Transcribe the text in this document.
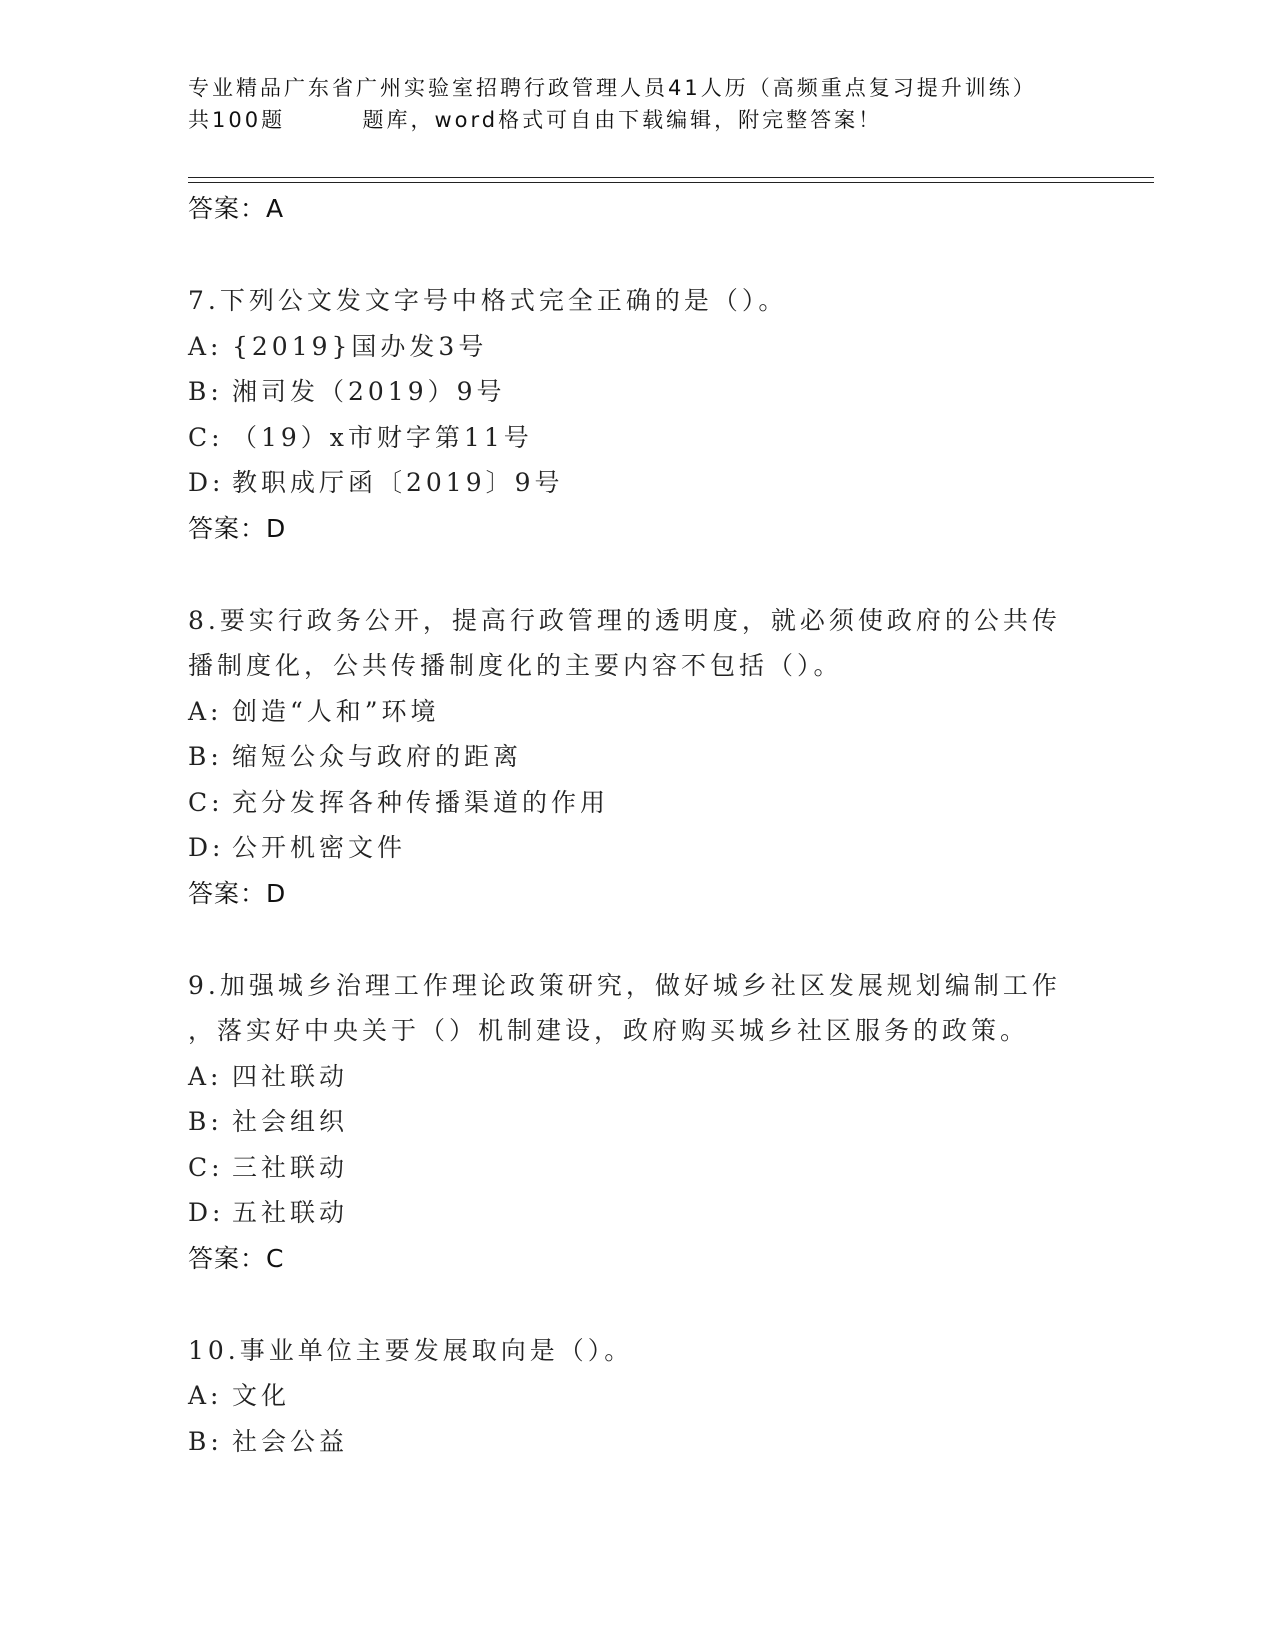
专业精品广东省广州实验室招聘行政管理人员41人历（高频重点复习提升训练）
共100题        题库，word格式可自由下载编辑，附完整答案！
答案：A
7.下列公文发文字号中格式完全正确的是（）。
A: {2019}国办发3号
B: 湘司发（2019）9号
C: （19）x市财字第11号
D: 教职成厅函〔2019〕9号
答案：D
8.要实行政务公开，提高行政管理的透明度，就必须使政府的公共传
播制度化，公共传播制度化的主要内容不包括（）。
A: 创造“人和”环境
B: 缩短公众与政府的距离
C: 充分发挥各种传播渠道的作用
D: 公开机密文件
答案：D
9.加强城乡治理工作理论政策研究，做好城乡社区发展规划编制工作
，落实好中央关于（）机制建设，政府购买城乡社区服务的政策。
A: 四社联动
B: 社会组织
C: 三社联动
D: 五社联动
答案：C
10.事业单位主要发展取向是（）。
A: 文化
B: 社会公益
